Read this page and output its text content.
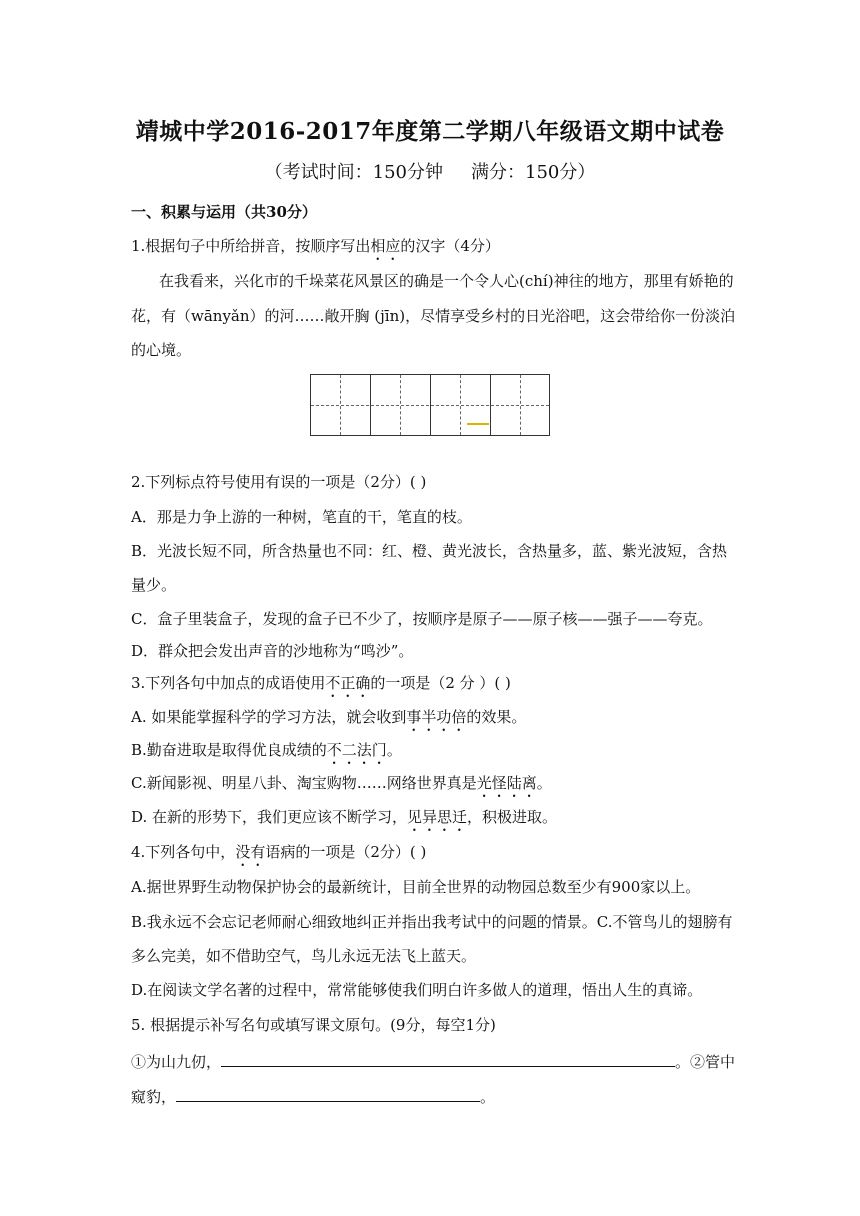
靖城中学2016-2017年度第二学期八年级语文期中试卷
（考试时间：150分钟 满分：150分）
一、积累与运用（共30分）
1.根据句子中所给拼音，按顺序写出相应的汉字（4分）
在我看来，兴化市的千垛菜花风景区的确是一个令人心(chí)神往的地方，那里有娇艳的
花，有（wānyǎn）的河……敞开胸 (jīn)，尽情享受乡村的日光浴吧，这会带给你一份淡泊
的心境。
2.下列标点符号使用有误的一项是（2分）( )
A．那是力争上游的一种树，笔直的干，笔直的枝。
B．光波长短不同，所含热量也不同：红、橙、黄光波长，含热量多，蓝、紫光波短，含热
量少。
C．盒子里装盒子，发现的盒子已不少了，按顺序是原子——原子核——强子——夸克。
D．群众把会发出声音的沙地称为“鸣沙”。
3.下列各句中加点的成语使用不正确的一项是（2 分 ）( )
A. 如果能掌握科学的学习方法，就会收到事半功倍的效果。
B.勤奋进取是取得优良成绩的不二法门。
C.新闻影视、明星八卦、淘宝购物……网络世界真是光怪陆离。
D. 在新的形势下，我们更应该不断学习，见异思迁，积极进取。
4.下列各句中，没有语病的一项是（2分）( )
A.据世界野生动物保护协会的最新统计，目前全世界的动物园总数至少有900家以上。
B.我永远不会忘记老师耐心细致地纠正并指出我考试中的问题的情景。C.不管鸟儿的翅膀有
多么完美，如不借助空气，鸟儿永远无法飞上蓝天。
D.在阅读文学名著的过程中，常常能够使我们明白许多做人的道理，悟出人生的真谛。
5. 根据提示补写名句或填写课文原句。(9分，每空1分)
①为山九仞，	。②管中
窥豹，	。
